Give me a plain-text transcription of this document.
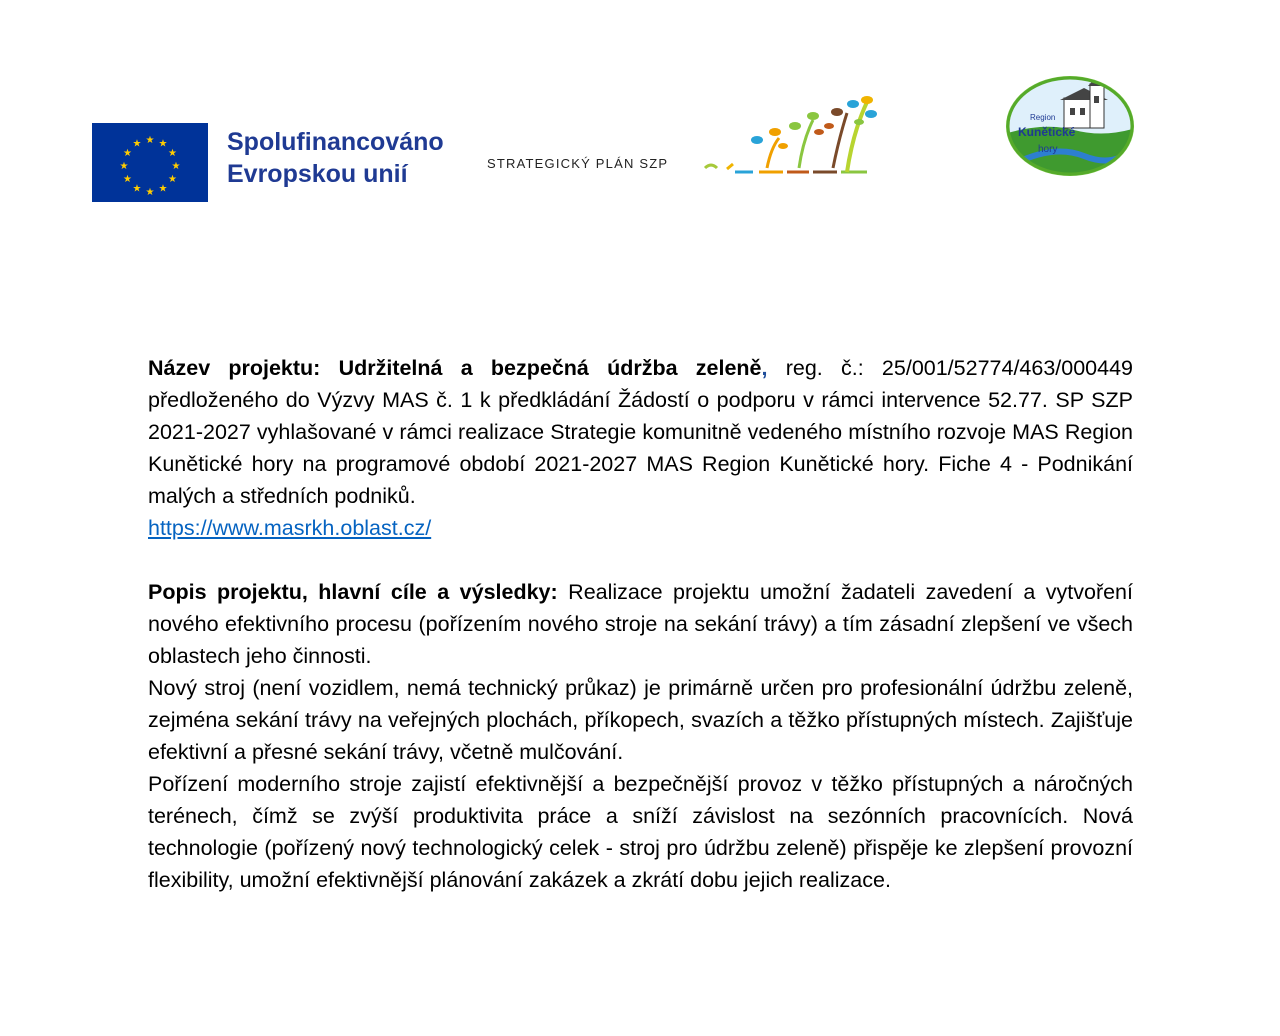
★ ★
★
★
★
★
★
★
★
★
★
★	Spolufinancováno
Evropskou unií	STRATEGICKÝ PLÁN SZP
Region
Kunětické
hory

Název projektu: Udržitelná a bezpečná údržba zeleně, reg. č.: 25/001/52774/463/000449 předloženého do Výzvy MAS č. 1 k předkládání Žádostí o podporu v rámci intervence 52.77. SP SZP 2021-2027 vyhlašované v rámci realizace Strategie komunitně vedeného místního rozvoje MAS Region Kunětické hory na programové období 2021-2027 MAS Region Kunětické hory. Fiche 4 - Podnikání malých a středních podniků.

https://www.masrkh.oblast.cz/

Popis projektu, hlavní cíle a výsledky: Realizace projektu umožní žadateli zavedení a vytvoření nového efektivního procesu (pořízením nového stroje na sekání trávy) a tím zásadní zlepšení ve všech oblastech jeho činnosti.

Nový stroj (není vozidlem, nemá technický průkaz) je primárně určen pro profesionální údržbu zeleně, zejména sekání trávy na veřejných plochách, příkopech, svazích a těžko přístupných místech. Zajišťuje efektivní a přesné sekání trávy, včetně mulčování.

Pořízení moderního stroje zajistí efektivnější a bezpečnější provoz v těžko přístupných a náročných terénech, čímž se zvýší produktivita práce a sníží závislost na sezónních pracovnících. Nová technologie (pořízený nový technologický celek - stroj pro údržbu zeleně) přispěje ke zlepšení provozní flexibility, umožní efektivnější plánování zakázek a zkrátí dobu jejich realizace.
